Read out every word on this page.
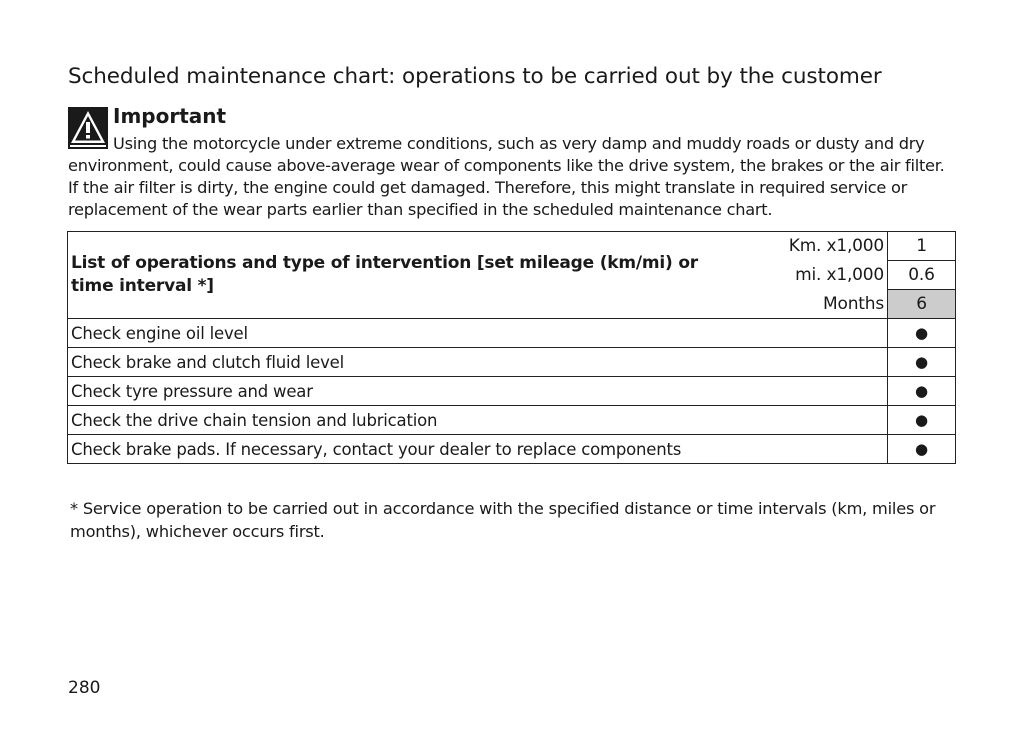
Scheduled maintenance chart: operations to be carried out by the customer
Important
Using the motorcycle under extreme conditions, such as very damp and muddy roads or dusty and dry environment, could cause above-average wear of components like the drive system, the brakes or the air filter. If the air filter is dirty, the engine could get damaged. Therefore, this might translate in required service or replacement of the wear parts earlier than specified in the scheduled maintenance chart.
List of operations and type of intervention [set mileage (km/mi) or time interval *]	Km. x1,000	1
	mi. x1,000	0.6
	Months	6
Check engine oil level		●
Check brake and clutch fluid level		●
Check tyre pressure and wear		●
Check the drive chain tension and lubrication		●
Check brake pads. If necessary, contact your dealer to replace components		●
* Service operation to be carried out in accordance with the specified distance or time intervals (km, miles or months), whichever occurs first.
280
